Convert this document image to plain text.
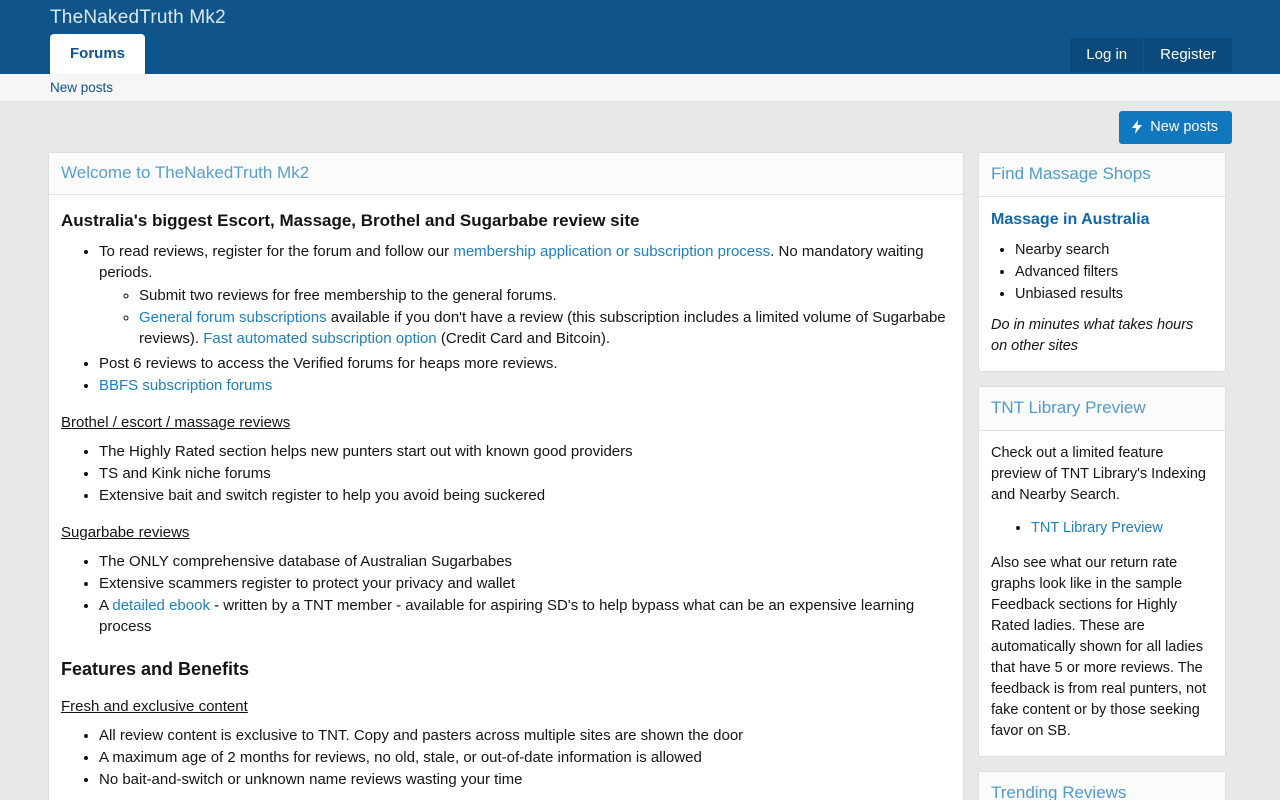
TheNakedTruth Mk2
Log in	Register
Forums
New posts
New posts
Welcome to TheNakedTruth Mk2
Australia's biggest Escort, Massage, Brothel and Sugarbabe review site
• To read reviews, register for the forum and follow our membership application or subscription process. No mandatory waiting periods.
◦ Submit two reviews for free membership to the general forums.
◦ General forum subscriptions available if you don't have a review (this subscription includes a limited volume of Sugarbabe reviews). Fast automated subscription option (Credit Card and Bitcoin).
• Post 6 reviews to access the Verified forums for heaps more reviews.
• BBFS subscription forums
Brothel / escort / massage reviews
• The Highly Rated section helps new punters start out with known good providers
• TS and Kink niche forums
• Extensive bait and switch register to help you avoid being suckered
Sugarbabe reviews
• The ONLY comprehensive database of Australian Sugarbabes
• Extensive scammers register to protect your privacy and wallet
• A detailed ebook - written by a TNT member - available for aspiring SD's to help bypass what can be an expensive learning process
Features and Benefits
Fresh and exclusive content
• All review content is exclusive to TNT. Copy and pasters across multiple sites are shown the door
• A maximum age of 2 months for reviews, no old, stale, or out-of-date information is allowed
• No bait-and-switch or unknown name reviews wasting your time
Find Massage Shops
Massage in Australia
• Nearby search
• Advanced filters
• Unbiased results

Do in minutes what takes hours on other sites

TNT Library Preview

Check out a limited feature preview of TNT Library's Indexing and Nearby Search.

• TNT Library Preview

Also see what our return rate graphs look like in the sample Feedback sections for Highly Rated ladies. These are automatically shown for all ladies that have 5 or more reviews. The feedback is from real punters, not fake content or by those seeking favor on SB.

Trending Reviews
